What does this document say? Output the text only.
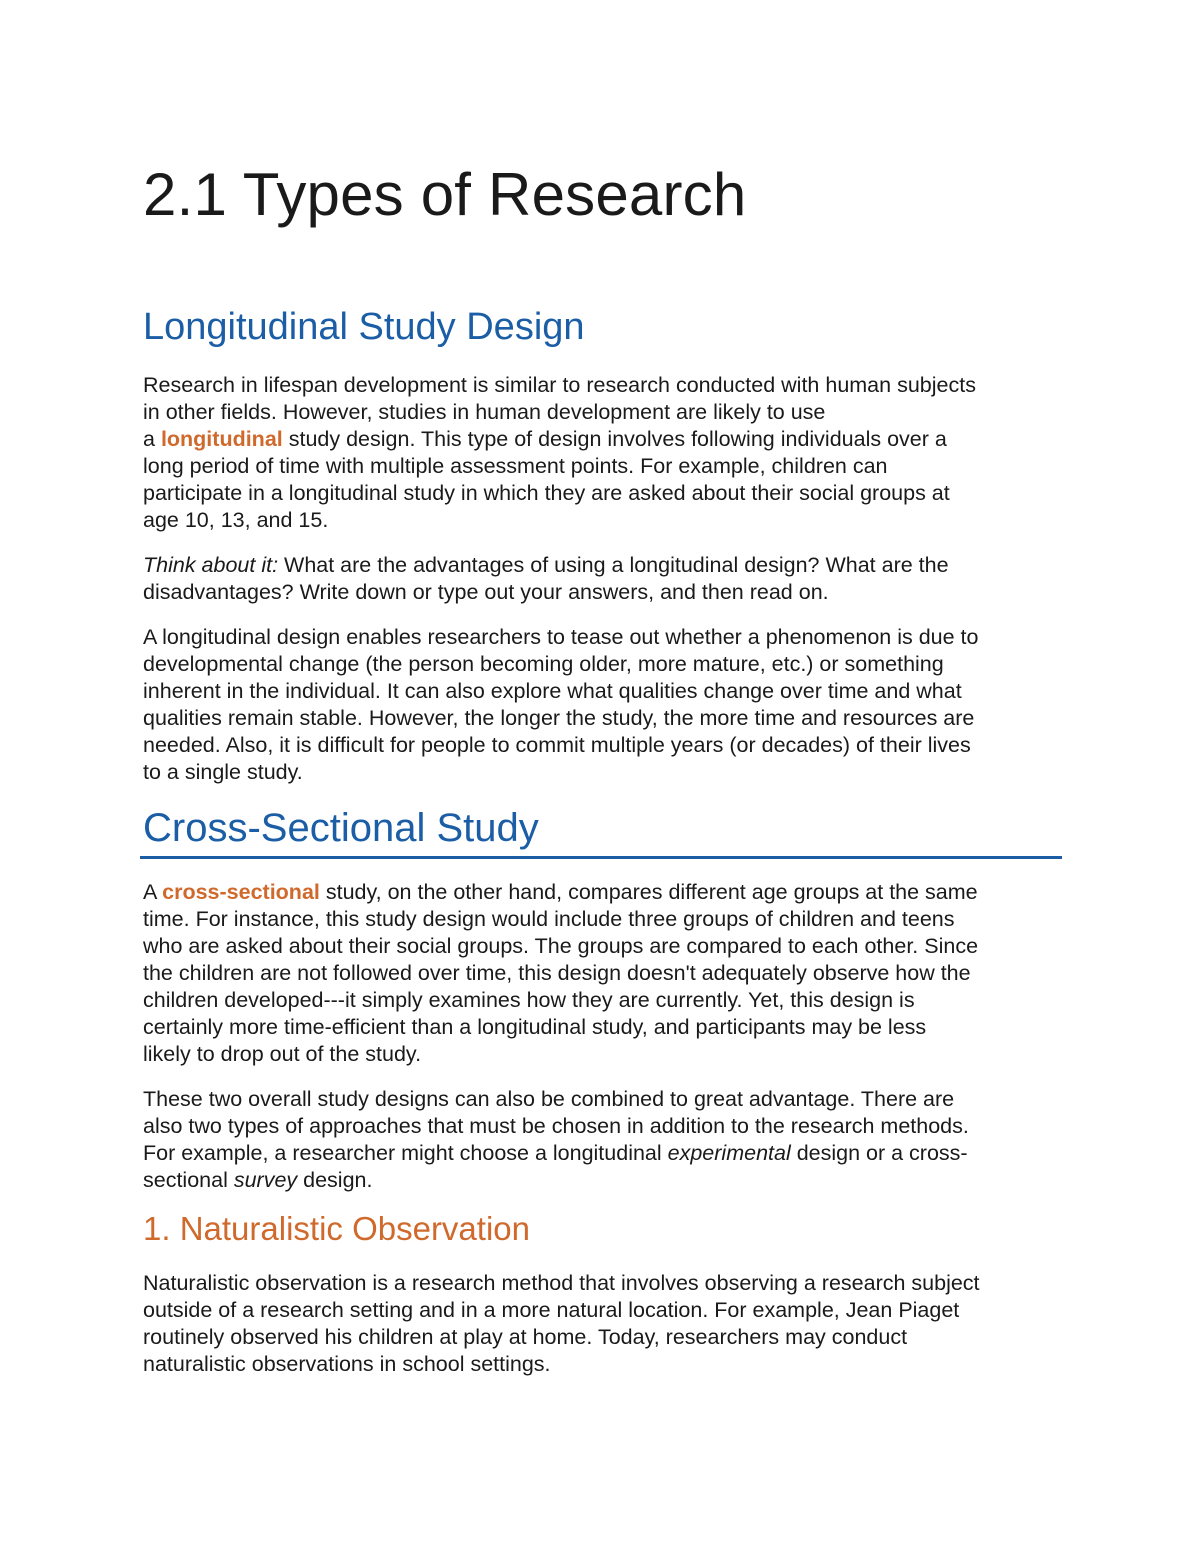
2.1 Types of Research
Longitudinal Study Design

Research in lifespan development is similar to research conducted with human subjects
in other fields. However, studies in human development are likely to use
a longitudinal study design. This type of design involves following individuals over a
long period of time with multiple assessment points. For example, children can
participate in a longitudinal study in which they are asked about their social groups at
age 10, 13, and 15.

Think about it: What are the advantages of using a longitudinal design? What are the
disadvantages? Write down or type out your answers, and then read on.

A longitudinal design enables researchers to tease out whether a phenomenon is due to
developmental change (the person becoming older, more mature, etc.) or something
inherent in the individual. It can also explore what qualities change over time and what
qualities remain stable. However, the longer the study, the more time and resources are
needed. Also, it is difficult for people to commit multiple years (or decades) of their lives
to a single study.

Cross-Sectional Study

A cross-sectional study, on the other hand, compares different age groups at the same
time. For instance, this study design would include three groups of children and teens
who are asked about their social groups. The groups are compared to each other. Since
the children are not followed over time, this design doesn't adequately observe how the
children developed---it simply examines how they are currently. Yet, this design is
certainly more time-efficient than a longitudinal study, and participants may be less
likely to drop out of the study.

These two overall study designs can also be combined to great advantage. There are
also two types of approaches that must be chosen in addition to the research methods.
For example, a researcher might choose a longitudinal experimental design or a cross-
sectional survey design.

1. Naturalistic Observation

Naturalistic observation is a research method that involves observing a research subject
outside of a research setting and in a more natural location. For example, Jean Piaget
routinely observed his children at play at home. Today, researchers may conduct
naturalistic observations in school settings.
